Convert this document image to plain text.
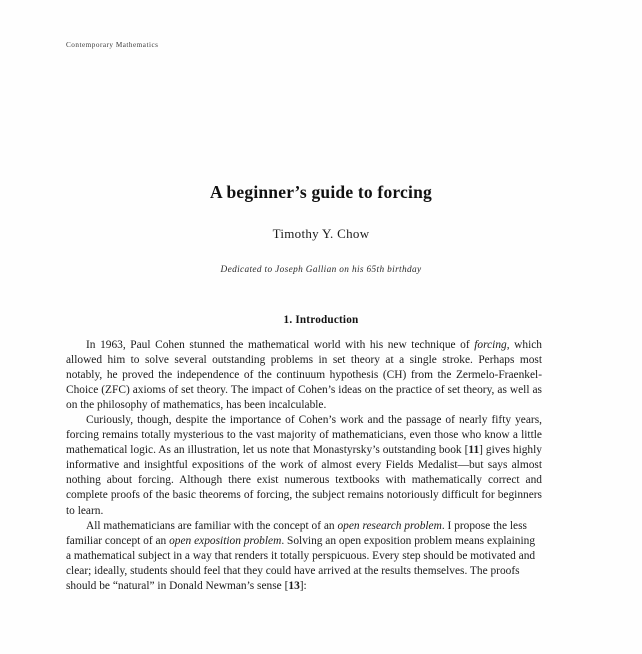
Contemporary Mathematics
A beginner’s guide to forcing
Timothy Y. Chow
Dedicated to Joseph Gallian on his 65th birthday
1. Introduction

In 1963, Paul Cohen stunned the mathematical world with his new technique of forcing, which allowed him to solve several outstanding problems in set theory at a single stroke. Perhaps most notably, he proved the independence of the continuum hypothesis (CH) from the Zermelo-Fraenkel-Choice (ZFC) axioms of set theory. The impact of Cohen’s ideas on the practice of set theory, as well as on the philosophy of mathematics, has been incalculable.

Curiously, though, despite the importance of Cohen’s work and the passage of nearly fifty years, forcing remains totally mysterious to the vast majority of mathematicians, even those who know a little mathematical logic. As an illustration, let us note that Monastyrsky’s outstanding book [11] gives highly informative and insightful expositions of the work of almost every Fields Medalist—but says almost nothing about forcing. Although there exist numerous textbooks with mathematically correct and complete proofs of the basic theorems of forcing, the subject remains notoriously difficult for beginners to learn.

All mathematicians are familiar with the concept of an open research problem. I propose the less familiar concept of an open exposition problem. Solving an open exposition problem means explaining a mathematical subject in a way that renders it totally perspicuous. Every step should be motivated and clear; ideally, students should feel that they could have arrived at the results themselves. The proofs should be “natural” in Donald Newman’s sense [13]:
